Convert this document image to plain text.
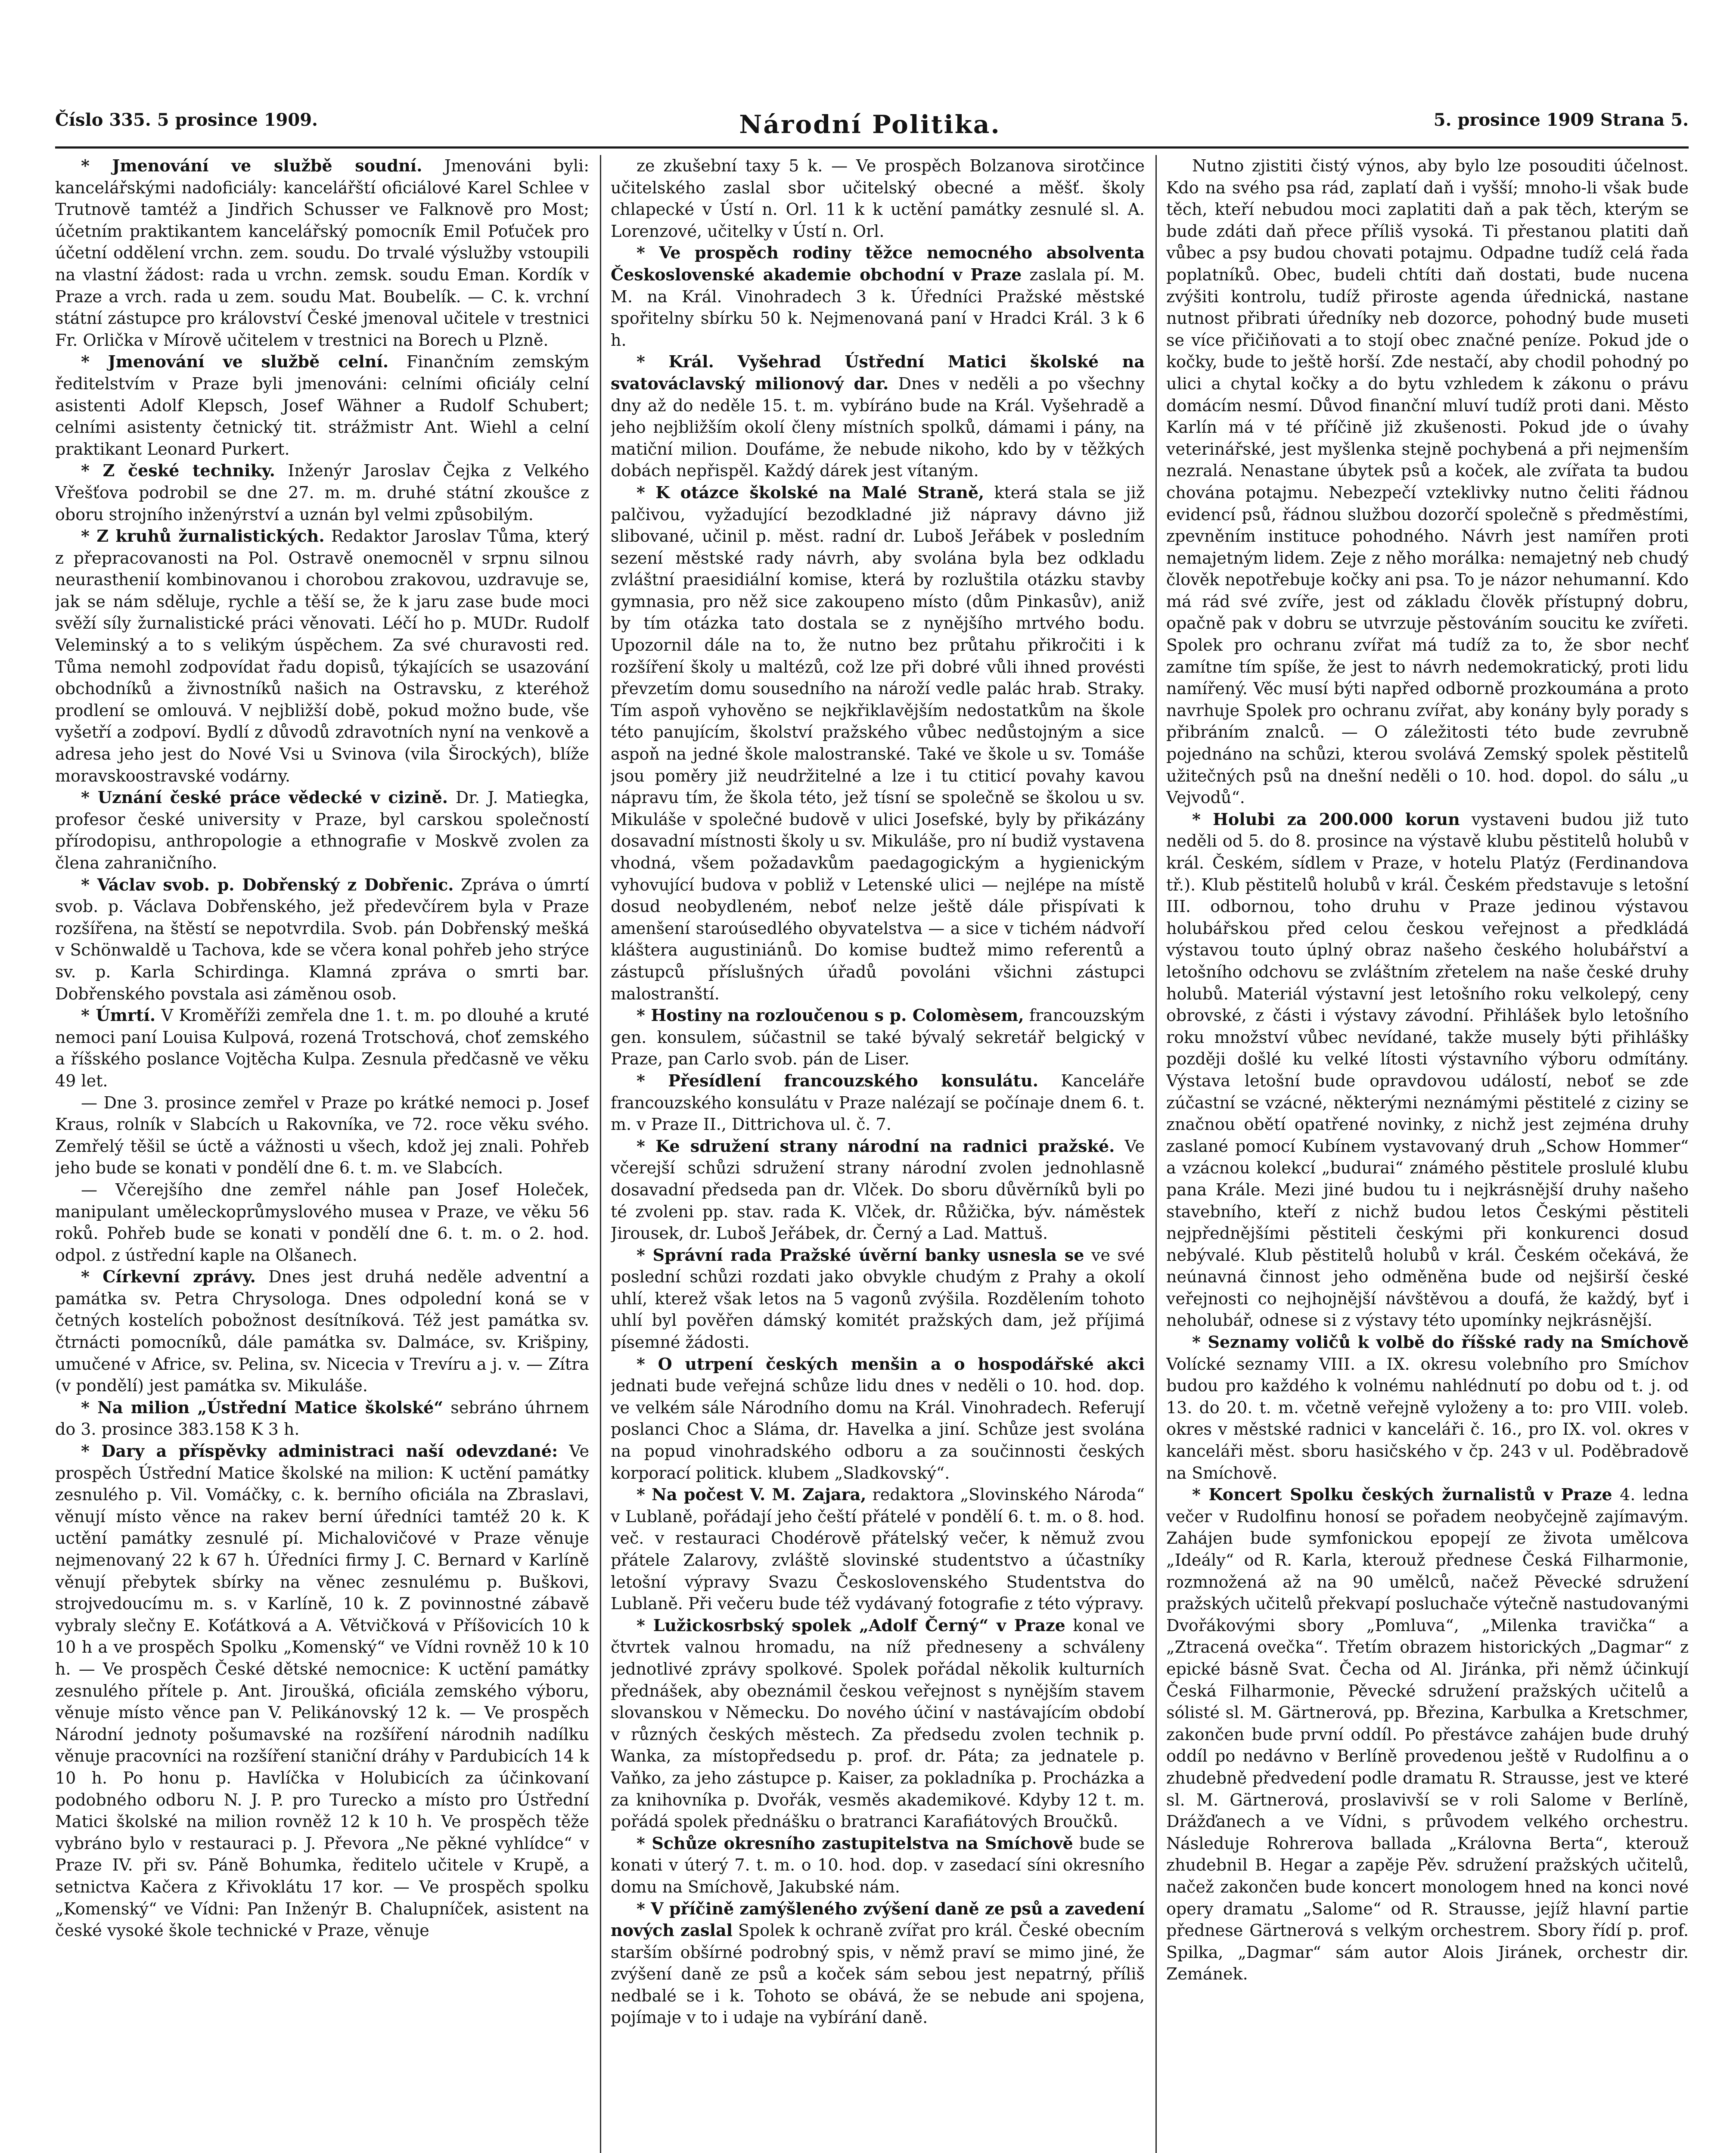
Číslo 335. 5 prosince 1909.	Národní Politika.	5. prosince 1909 Strana 5.

* Jmenování ve službě soudní. Jmenováni byli: kancelářskými nadoficiály: kancelářští oficiálové Karel Schlee v Trutnově tamtéž a Jindřich Schusser ve Falknově pro Most; účetním praktikantem kancelářský pomocník Emil Poťuček pro účetní oddělení vrchn. zem. soudu. Do trvalé výslužby vstoupili na vlastní žádost: rada u vrchn. zemsk. soudu Eman. Kordík v Praze a vrch. rada u zem. soudu Mat. Boubelík. — C. k. vrchní státní zástupce pro království České jmenoval učitele v trestnici Fr. Orlička v Mírově učitelem v trestnici na Borech u Plzně.

* Jmenování ve službě celní. Finančním zemským ředitelstvím v Praze byli jmenováni: celními oficiály celní asistenti Adolf Klepsch, Josef Wähner a Rudolf Schubert; celními asistenty četnický tit. strážmistr Ant. Wiehl a celní praktikant Leonard Purkert.

* Z české techniky. Inženýr Jaroslav Čejka z Velkého Vřešťova podrobil se dne 27. m. m. druhé státní zkoušce z oboru strojního inženýrství a uznán byl velmi způsobilým.

* Z kruhů žurnalistických. Redaktor Jaroslav Tůma, který z přepracovanosti na Pol. Ostravě onemocněl v srpnu silnou neurasthenií kombinovanou i chorobou zrakovou, uzdravuje se, jak se nám sděluje, rychle a těší se, že k jaru zase bude moci svěží síly žurnalistické práci věnovati. Léčí ho p. MUDr. Rudolf Veleminský a to s velikým úspěchem. Za své churavosti red. Tůma nemohl zodpovídat řadu dopisů, týkajících se usazování obchodníků a živnostníků našich na Ostravsku, z kteréhož prodlení se omlouvá. V nejbližší době, pokud možno bude, vše vyšetří a zodpoví. Bydlí z důvodů zdravotních nyní na venkově a adresa jeho jest do Nové Vsi u Svinova (vila Širockých), blíže moravskoostravské vodárny.

* Uznání české práce vědecké v cizině. Dr. J. Matiegka, profesor české university v Praze, byl carskou společností přírodopisu, anthropologie a ethnografie v Moskvě zvolen za člena zahraničního.

* Václav svob. p. Dobřenský z Dobřenic. Zpráva o úmrtí svob. p. Václava Dobřenského, jež předevčírem byla v Praze rozšířena, na štěstí se nepotvrdila. Svob. pán Dobřenský mešká v Schönwaldě u Tachova, kde se včera konal pohřeb jeho strýce sv. p. Karla Schirdinga. Klamná zpráva o smrti bar. Dobřenského povstala asi záměnou osob.

* Úmrtí. V Kroměříži zemřela dne 1. t. m. po dlouhé a kruté nemoci paní Louisa Kulpová, rozená Trotschová, choť zemského a říšského poslance Vojtěcha Kulpa. Zesnula předčasně ve věku 49 let.

— Dne 3. prosince zemřel v Praze po krátké nemoci p. Josef Kraus, rolník v Slabcích u Rakovníka, ve 72. roce věku svého. Zemřelý těšil se úctě a vážnosti u všech, kdož jej znali. Pohřeb jeho bude se konati v pondělí dne 6. t. m. ve Slabcích.

— Včerejšího dne zemřel náhle pan Josef Holeček, manipulant uměleckoprůmyslového musea v Praze, ve věku 56 roků. Pohřeb bude se konati v pondělí dne 6. t. m. o 2. hod. odpol. z ústřední kaple na Olšanech.

* Církevní zprávy. Dnes jest druhá neděle adventní a památka sv. Petra Chrysologa. Dnes odpolední koná se v četných kostelích pobožnost desítníková. Též jest památka sv. čtrnácti pomocníků, dále památka sv. Dalmáce, sv. Krišpiny, umučené v Africe, sv. Pelina, sv. Nicecia v Trevíru a j. v. — Zítra (v pondělí) jest památka sv. Mikuláše.

* Na milion „Ústřední Matice školské“ sebráno úhrnem do 3. prosince 383.158 K 3 h.

* Dary a příspěvky administraci naší odevzdané: Ve prospěch Ústřední Matice školské na milion: K uctění památky zesnulého p. Vil. Vomáčky, c. k. berního oficiála na Zbraslavi, věnují místo věnce na rakev berní úředníci tamtéž 20 k. K uctění památky zesnulé pí. Michalovičové v Praze věnuje nejmenovaný 22 k 67 h. Úředníci firmy J. C. Bernard v Karlíně věnují přebytek sbírky na věnec zesnulému p. Buškovi, strojvedoucímu m. s. v Karlíně, 10 k. Z povinnostné zábavě vybraly slečny E. Koťátková a A. Větvičková v Příšovicích 10 k 10 h a ve prospěch Spolku „Komenský“ ve Vídni rovněž 10 k 10 h. — Ve prospěch České dětské nemocnice: K uctění památky zesnulého přítele p. Ant. Jiroušká, oficiála zemského výboru, věnuje místo věnce pan V. Pelikánovský 12 k. — Ve prospěch Národní jednoty pošumavské na rozšíření národnih nadílku věnuje pracovníci na rozšíření staniční dráhy v Pardubicích 14 k 10 h. Po honu p. Havlíčka v Holubicích za účinkovaní podobného odboru N. J. P. pro Turecko a místo pro Ústřední Matici školské na milion rovněž 12 k 10 h. Ve prospěch těže vybráno bylo v restauraci p. J. Převora „Ne pěkné vyhlídce“ v Praze IV. při sv. Páně Bohumka, ředitelo učitele v Krupě, a setnictva Kačera z Křivoklátu 17 kor. — Ve prospěch spolku „Komenský“ ve Vídni: Pan Inženýr B. Chalupníček, asistent na české vysoké škole technické v Praze, věnuje

ze zkušební taxy 5 k. — Ve prospěch Bolzanova sirotčince učitelského zaslal sbor učitelský obecné a měšť. školy chlapecké v Ústí n. Orl. 11 k k uctění památky zesnulé sl. A. Lorenzové, učitelky v Ústí n. Orl.

* Ve prospěch rodiny těžce nemocného absolventa Československé akademie obchodní v Praze zaslala pí. M. M. na Král. Vinohradech 3 k. Úředníci Pražské městské spořitelny sbírku 50 k. Nejmenovaná paní v Hradci Král. 3 k 6 h.

* Král. Vyšehrad Ústřední Matici školské na svatováclavský milionový dar. Dnes v neděli a po všechny dny až do neděle 15. t. m. vybíráno bude na Král. Vyšehradě a jeho nejbližším okolí členy místních spolků, dámami i pány, na matiční milion. Doufáme, že nebude nikoho, kdo by v těžkých dobách nepřispěl. Každý dárek jest vítaným.

* K otázce školské na Malé Straně, která stala se již palčivou, vyžadující bezodkladné již nápravy dávno již slibované, učinil p. měst. radní dr. Luboš Jeřábek v posledním sezení městské rady návrh, aby svolána byla bez odkladu zvláštní praesidiální komise, která by rozluštila otázku stavby gymnasia, pro něž sice zakoupeno místo (dům Pinkasův), aniž by tím otázka tato dostala se z nynějšího mrtvého bodu. Upozornil dále na to, že nutno bez průtahu přikročiti i k rozšíření školy u maltézů, což lze při dobré vůli ihned provésti převzetím domu sousedního na nároží vedle palác hrab. Straky. Tím aspoň vyhověno se nejkřiklavějším nedostatkům na škole této panujícím, školství pražského vůbec nedůstojným a sice aspoň na jedné škole malostranské. Také ve škole u sv. Tomáše jsou poměry již neudržitelné a lze i tu ctiticí povahy kavou nápravu tím, že škola této, jež tísní se společně se školou u sv. Mikuláše v společné budově v ulici Josefské, byly by přikázány dosavadní místnosti školy u sv. Mikuláše, pro ní budiž vystavena vhodná, všem požadavkům paedagogickým a hygienickým vyhovující budova v pobliž v Letenské ulici — nejlépe na místě dosud neobydleném, neboť nelze ještě dále přispívati k amenšení staroúsedlého obyvatelstva — a sice v tichém nádvoří kláštera augustiniánů. Do komise budtež mimo referentů a zástupců příslušných úřadů povoláni všichni zástupci malostranští.

* Hostiny na rozloučenou s p. Colomèsem, francouzským gen. konsulem, súčastnil se také bývalý sekretář belgický v Praze, pan Carlo svob. pán de Liser.

* Přesídlení francouzského konsulátu. Kanceláře francouzského konsulátu v Praze nalézají se počínaje dnem 6. t. m. v Praze II., Dittrichova ul. č. 7.

* Ke sdružení strany národní na radnici pražské. Ve včerejší schůzi sdružení strany národní zvolen jednohlasně dosavadní předseda pan dr. Vlček. Do sboru důvěrníků byli po té zvoleni pp. stav. rada K. Vlček, dr. Růžička, býv. náměstek Jirousek, dr. Luboš Jeřábek, dr. Černý a Lad. Mattuš.

* Správní rada Pražské úvěrní banky usnesla se ve své poslední schůzi rozdati jako obvykle chudým z Prahy a okolí uhlí, kterež však letos na 5 vagonů zvýšila. Rozdělením tohoto uhlí byl pověřen dámský komitét pražských dam, jež příjimá písemné žádosti.

* O utrpení českých menšin a o hospodářské akci jednati bude veřejná schůze lidu dnes v neděli o 10. hod. dop. ve velkém sále Národního domu na Král. Vinohradech. Referují poslanci Choc a Sláma, dr. Havelka a jiní. Schůze jest svolána na popud vinohradského odboru a za součinnosti českých korporací politick. klubem „Sladkovský“.

* Na počest V. M. Zajara, redaktora „Slovinského Národa“ v Lublaně, pořádají jeho čeští přátelé v pondělí 6. t. m. o 8. hod. več. v restauraci Chodérově přátelský večer, k němuž zvou přátele Zalarovy, zvláště slovinské studentstvo a účastníky letošní výpravy Svazu Československého Studentstva do Lublaně. Při večeru bude též vydávaný fotografie z této výpravy.

* Lužickosrbský spolek „Adolf Černý“ v Praze konal ve čtvrtek valnou hromadu, na níž předneseny a schváleny jednotlivé zprávy spolkové. Spolek pořádal několik kulturních přednášek, aby obeznámil českou veřejnost s nynějším stavem slovanskou v Německu. Do nového účiní v nastávajícím období v různých českých městech. Za předsedu zvolen technik p. Wanka, za místopředsedu p. prof. dr. Páta; za jednatele p. Vaňko, za jeho zástupce p. Kaiser, za pokladníka p. Procházka a za knihovníka p. Dvořák, vesměs akademikové. Kdyby 12 t. m. pořádá spolek přednášku o bratranci Karafiátových Broučků.

* Schůze okresního zastupitelstva na Smíchově bude se konati v úterý 7. t. m. o 10. hod. dop. v zasedací síni okresního domu na Smíchově, Jakubské nám.

* V příčině zamýšleného zvýšení daně ze psů a zavedení nových zaslal Spolek k ochraně zvířat pro král. České obecním starším obšírné podrobný spis, v němž praví se mimo jiné, že zvýšení daně ze psů a koček sám sebou jest nepatrný, příliš nedbalé se i k. Tohoto se obává, že se nebude ani spojena, pojímaje v to i udaje na vybírání daně.

Nutno zjistiti čistý výnos, aby bylo lze posouditi účelnost. Kdo na svého psa rád, zaplatí daň i vyšší; mnoho-li však bude těch, kteří nebudou moci zaplatiti daň a pak těch, kterým se bude zdáti daň přece příliš vysoká. Ti přestanou platiti daň vůbec a psy budou chovati potajmu. Odpadne tudíž celá řada poplatníků. Obec, budeli chtíti daň dostati, bude nucena zvýšiti kontrolu, tudíž přiroste agenda úřednická, nastane nutnost přibrati úředníky neb dozorce, pohodný bude museti se více přičiňovati a to stojí obec značné peníze. Pokud jde o kočky, bude to ještě horší. Zde nestačí, aby chodil pohodný po ulici a chytal kočky a do bytu vzhledem k zákonu o právu domácím nesmí. Důvod finanční mluví tudíž proti dani. Město Karlín má v té příčině již zkušenosti. Pokud jde o úvahy veterinářské, jest myšlenka stejně pochybená a při nejmenším nezralá. Nenastane úbytek psů a koček, ale zvířata ta budou chována potajmu. Nebezpečí vzteklivky nutno čeliti řádnou evidencí psů, řádnou službou dozorčí společně s předměstími, zpevněním instituce pohodného. Návrh jest namířen proti nemajetným lidem. Zeje z něho morálka: nemajetný neb chudý člověk nepotřebuje kočky ani psa. To je názor nehumanní. Kdo má rád své zvíře, jest od základu člověk přístupný dobru, opačně pak v dobru se utvrzuje pěstováním soucitu ke zvířeti. Spolek pro ochranu zvířat má tudíž za to, že sbor nechť zamítne tím spíše, že jest to návrh nedemokratický, proti lidu namířený. Věc musí býti napřed odborně prozkoumána a proto navrhuje Spolek pro ochranu zvířat, aby konány byly porady s přibráním znalců. — O záležitosti této bude zevrubně pojednáno na schůzi, kterou svolává Zemský spolek pěstitelů užitečných psů na dnešní neděli o 10. hod. dopol. do sálu „u Vejvodů“.

* Holubi za 200.000 korun vystaveni budou již tuto neděli od 5. do 8. prosince na výstavě klubu pěstitelů holubů v král. Českém, sídlem v Praze, v hotelu Platýz (Ferdinandova tř.). Klub pěstitelů holubů v král. Českém představuje s letošní III. odbornou, toho druhu v Praze jedinou výstavou holubářskou před celou českou veřejnost a předkládá výstavou touto úplný obraz našeho českého holubářství a letošního odchovu se zvláštním zřetelem na naše české druhy holubů. Materiál výstavní jest letošního roku velkolepý, ceny obrovské, z části i výstavy závodní. Přihlášek bylo letošního roku množství vůbec nevídané, takže musely býti přihlášky později došlé ku velké lítosti výstavního výboru odmítány. Výstava letošní bude opravdovou událostí, neboť se zde zúčastní se vzácné, některými neznámými pěstitelé z ciziny se značnou obětí opatřené novinky, z nichž jest zejména druhy zaslané pomocí Kubínem vystavovaný druh „Schow Hommer“ a vzácnou kolekcí „budurai“ známého pěstitele proslulé klubu pana Krále. Mezi jiné budou tu i nejkrásnější druhy našeho stavebního, kteří z nichž budou letos Českými pěstiteli nejpřednějšími pěstiteli českými při konkurenci dosud nebývalé. Klub pěstitelů holubů v král. Českém očekává, že neúnavná činnost jeho odměněna bude od nejširší české veřejnosti co nejhojnější návštěvou a doufá, že každý, byť i neholubář, odnese si z výstavy této upomínky nejkrásnější.

* Seznamy voličů k volbě do říšské rady na Smíchově Volícké seznamy VIII. a IX. okresu volebního pro Smíchov budou pro každého k volnému nahlédnutí po dobu od t. j. od 13. do 20. t. m. včetně veřejně vyloženy a to: pro VIII. voleb. okres v městské radnici v kanceláři č. 16., pro IX. vol. okres v kanceláři měst. sboru hasičského v čp. 243 v ul. Poděbradově na Smíchově.

* Koncert Spolku českých žurnalistů v Praze 4. ledna večer v Rudolfinu honosí se pořadem neobyčejně zajímavým. Zahájen bude symfonickou epopejí ze života umělcova „Ideály“ od R. Karla, kterouž přednese Česká Filharmonie, rozmnožená až na 90 umělců, načež Pěvecké sdružení pražských učitelů překvapí posluchače výtečně nastudovanými Dvořákovými sbory „Pomluva“, „Milenka travička“ a „Ztracená ovečka“. Třetím obrazem historických „Dagmar“ z epické básně Svat. Čecha od Al. Jiránka, při němž účinkují Česká Filharmonie, Pěvecké sdružení pražských učitelů a sólisté sl. M. Gärtnerová, pp. Březina, Karbulka a Kretschmer, zakončen bude první oddíl. Po přestávce zahájen bude druhý oddíl po nedávno v Berlíně provedenou ještě v Rudolfinu a o zhudebně předvedení podle dramatu R. Strausse, jest ve které sl. M. Gärtnerová, proslavivší se v roli Salome v Berlíně, Drážďanech a ve Vídni, s průvodem velkého orchestru. Následuje Rohrerova ballada „Královna Berta“, kterouž zhudebnil B. Hegar a zapěje Pěv. sdružení pražských učitelů, načež zakončen bude koncert monologem hned na konci nové opery dramatu „Salome“ od R. Strausse, jejíž hlavní partie přednese Gärtnerová s velkým orchestrem. Sbory řídí p. prof. Spilka, „Dagmar“ sám autor Alois Jiránek, orchestr dir. Zemánek.
